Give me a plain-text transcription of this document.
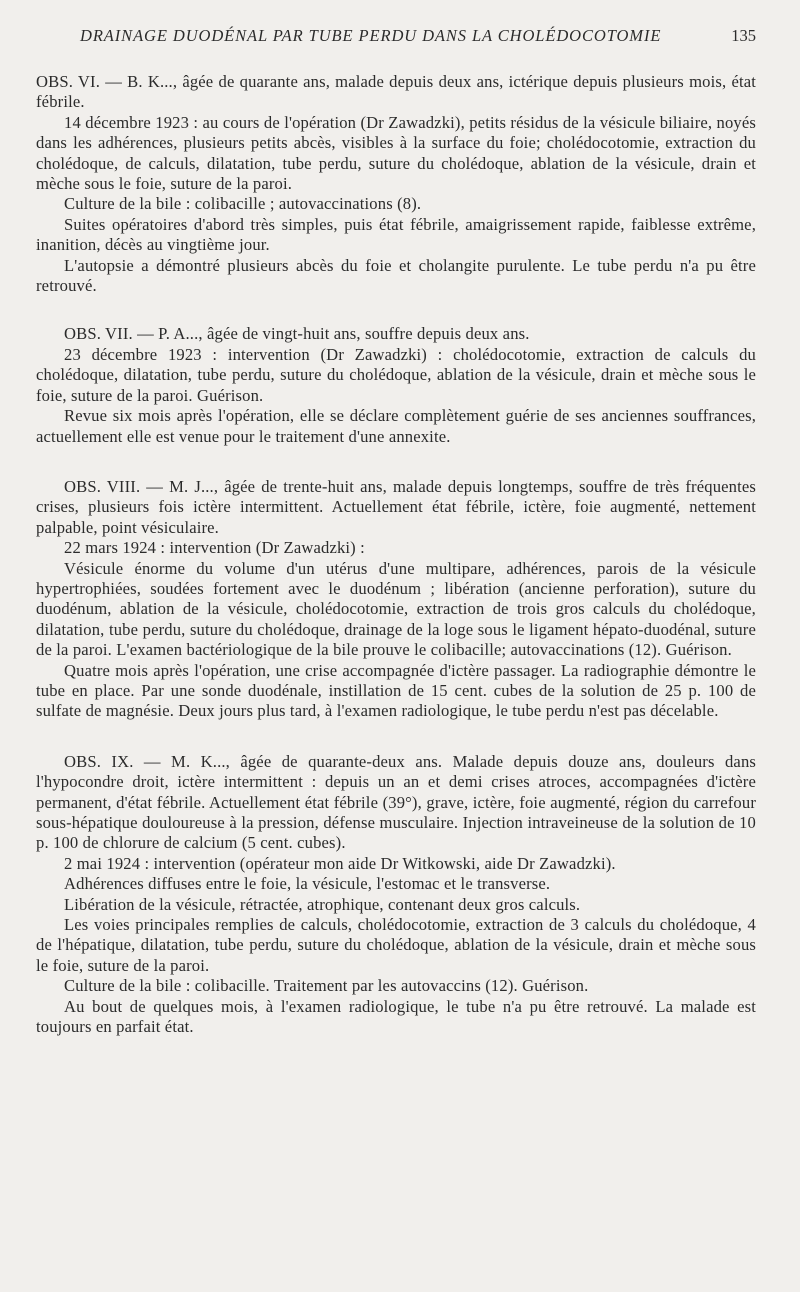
DRAINAGE DUODÉNAL PAR TUBE PERDU DANS LA CHOLÉDOCOTOMIE	135

OBS. VI. — B. K..., âgée de quarante ans, malade depuis deux ans, ictérique depuis plusieurs mois, état fébrile.

14 décembre 1923 : au cours de l'opération (Dr Zawadzki), petits résidus de la vésicule biliaire, noyés dans les adhérences, plusieurs petits abcès, visibles à la surface du foie; cholédocotomie, extraction du cholédoque, de calculs, dilatation, tube perdu, suture du cholédoque, ablation de la vésicule, drain et mèche sous le foie, suture de la paroi.

Culture de la bile : colibacille ; autovaccinations (8).

Suites opératoires d'abord très simples, puis état fébrile, amaigrissement rapide, faiblesse extrême, inanition, décès au vingtième jour.

L'autopsie a démontré plusieurs abcès du foie et cholangite purulente. Le tube perdu n'a pu être retrouvé.

OBS. VII. — P. A..., âgée de vingt-huit ans, souffre depuis deux ans.

23 décembre 1923 : intervention (Dr Zawadzki) : cholédocotomie, extraction de calculs du cholédoque, dilatation, tube perdu, suture du cholédoque, ablation de la vésicule, drain et mèche sous le foie, suture de la paroi. Guérison.

Revue six mois après l'opération, elle se déclare complètement guérie de ses anciennes souffrances, actuellement elle est venue pour le traitement d'une annexite.

OBS. VIII. — M. J..., âgée de trente-huit ans, malade depuis longtemps, souffre de très fréquentes crises, plusieurs fois ictère intermittent. Actuellement état fébrile, ictère, foie augmenté, nettement palpable, point vésiculaire.

22 mars 1924 : intervention (Dr Zawadzki) :

Vésicule énorme du volume d'un utérus d'une multipare, adhérences, parois de la vésicule hypertrophiées, soudées fortement avec le duodénum ; libération (ancienne perforation), suture du duodénum, ablation de la vésicule, cholédocotomie, extraction de trois gros calculs du cholédoque, dilatation, tube perdu, suture du cholédoque, drainage de la loge sous le ligament hépato-duodénal, suture de la paroi. L'examen bactériologique de la bile prouve le colibacille; autovaccinations (12). Guérison.

Quatre mois après l'opération, une crise accompagnée d'ictère passager. La radiographie démontre le tube en place. Par une sonde duodénale, instillation de 15 cent. cubes de la solution de 25 p. 100 de sulfate de magnésie. Deux jours plus tard, à l'examen radiologique, le tube perdu n'est pas décelable.

OBS. IX. — M. K..., âgée de quarante-deux ans. Malade depuis douze ans, douleurs dans l'hypocondre droit, ictère intermittent : depuis un an et demi crises atroces, accompagnées d'ictère permanent, d'état fébrile. Actuellement état fébrile (39°), grave, ictère, foie augmenté, région du carrefour sous-hépatique douloureuse à la pression, défense musculaire. Injection intraveineuse de la solution de 10 p. 100 de chlorure de calcium (5 cent. cubes).

2 mai 1924 : intervention (opérateur mon aide Dr Witkowski, aide Dr Zawadzki).

Adhérences diffuses entre le foie, la vésicule, l'estomac et le transverse.

Libération de la vésicule, rétractée, atrophique, contenant deux gros calculs.

Les voies principales remplies de calculs, cholédocotomie, extraction de 3 calculs du cholédoque, 4 de l'hépatique, dilatation, tube perdu, suture du cholédoque, ablation de la vésicule, drain et mèche sous le foie, suture de la paroi.

Culture de la bile : colibacille. Traitement par les autovaccins (12). Guérison.

Au bout de quelques mois, à l'examen radiologique, le tube n'a pu être retrouvé. La malade est toujours en parfait état.
